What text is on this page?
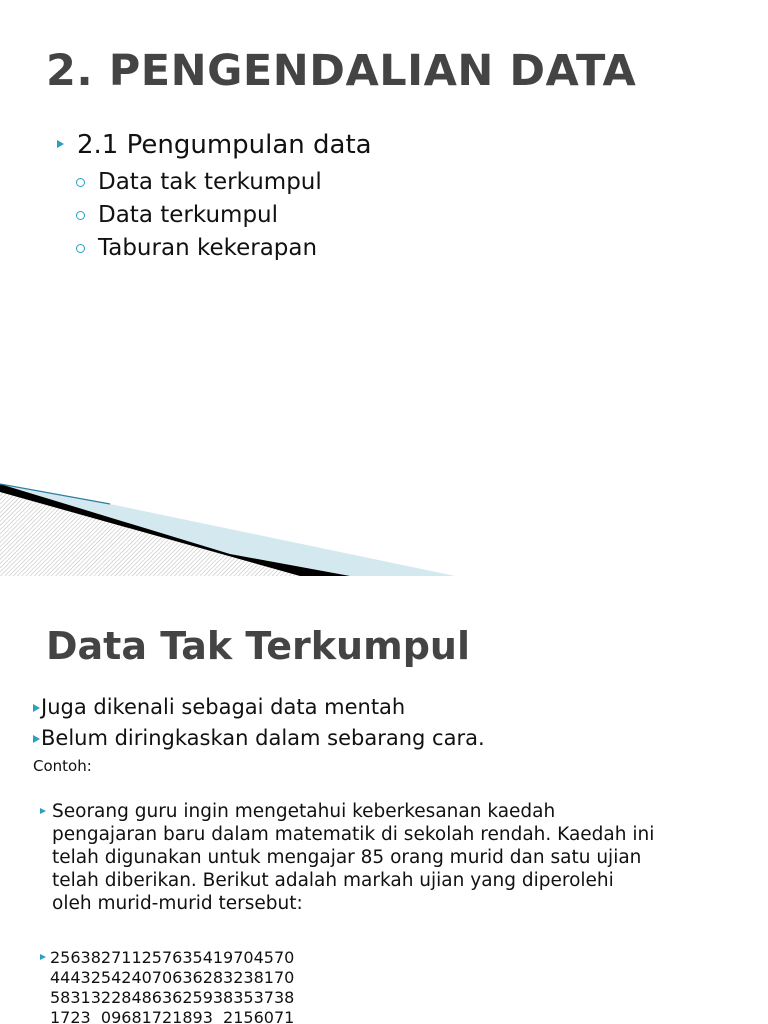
2. PENGENDALIAN DATA
2.1 Pengumpulan data
Data tak terkumpul
Data terkumpul
Taburan kekerapan
Data Tak Terkumpul
Juga dikenali sebagai data mentah
Belum diringkaskan dalam sebarang cara.
Contoh:
Seorang guru ingin mengetahui keberkesanan kaedah
pengajaran baru dalam matematik di sekolah rendah. Kaedah ini
telah digunakan untuk mengajar 85 orang murid dan satu ujian
telah diberikan. Berikut adalah markah ujian yang diperolehi
oleh murid-murid tersebut:
25	63	82	71	12	57	63	54	19	70	45	70
44	43	25	42	40	70	63	62	83	23	81	70
58	31	32	28	48	63	62	59	38	35	37	38
17	23	0	96	81	72	18	93	2	15	60	71
